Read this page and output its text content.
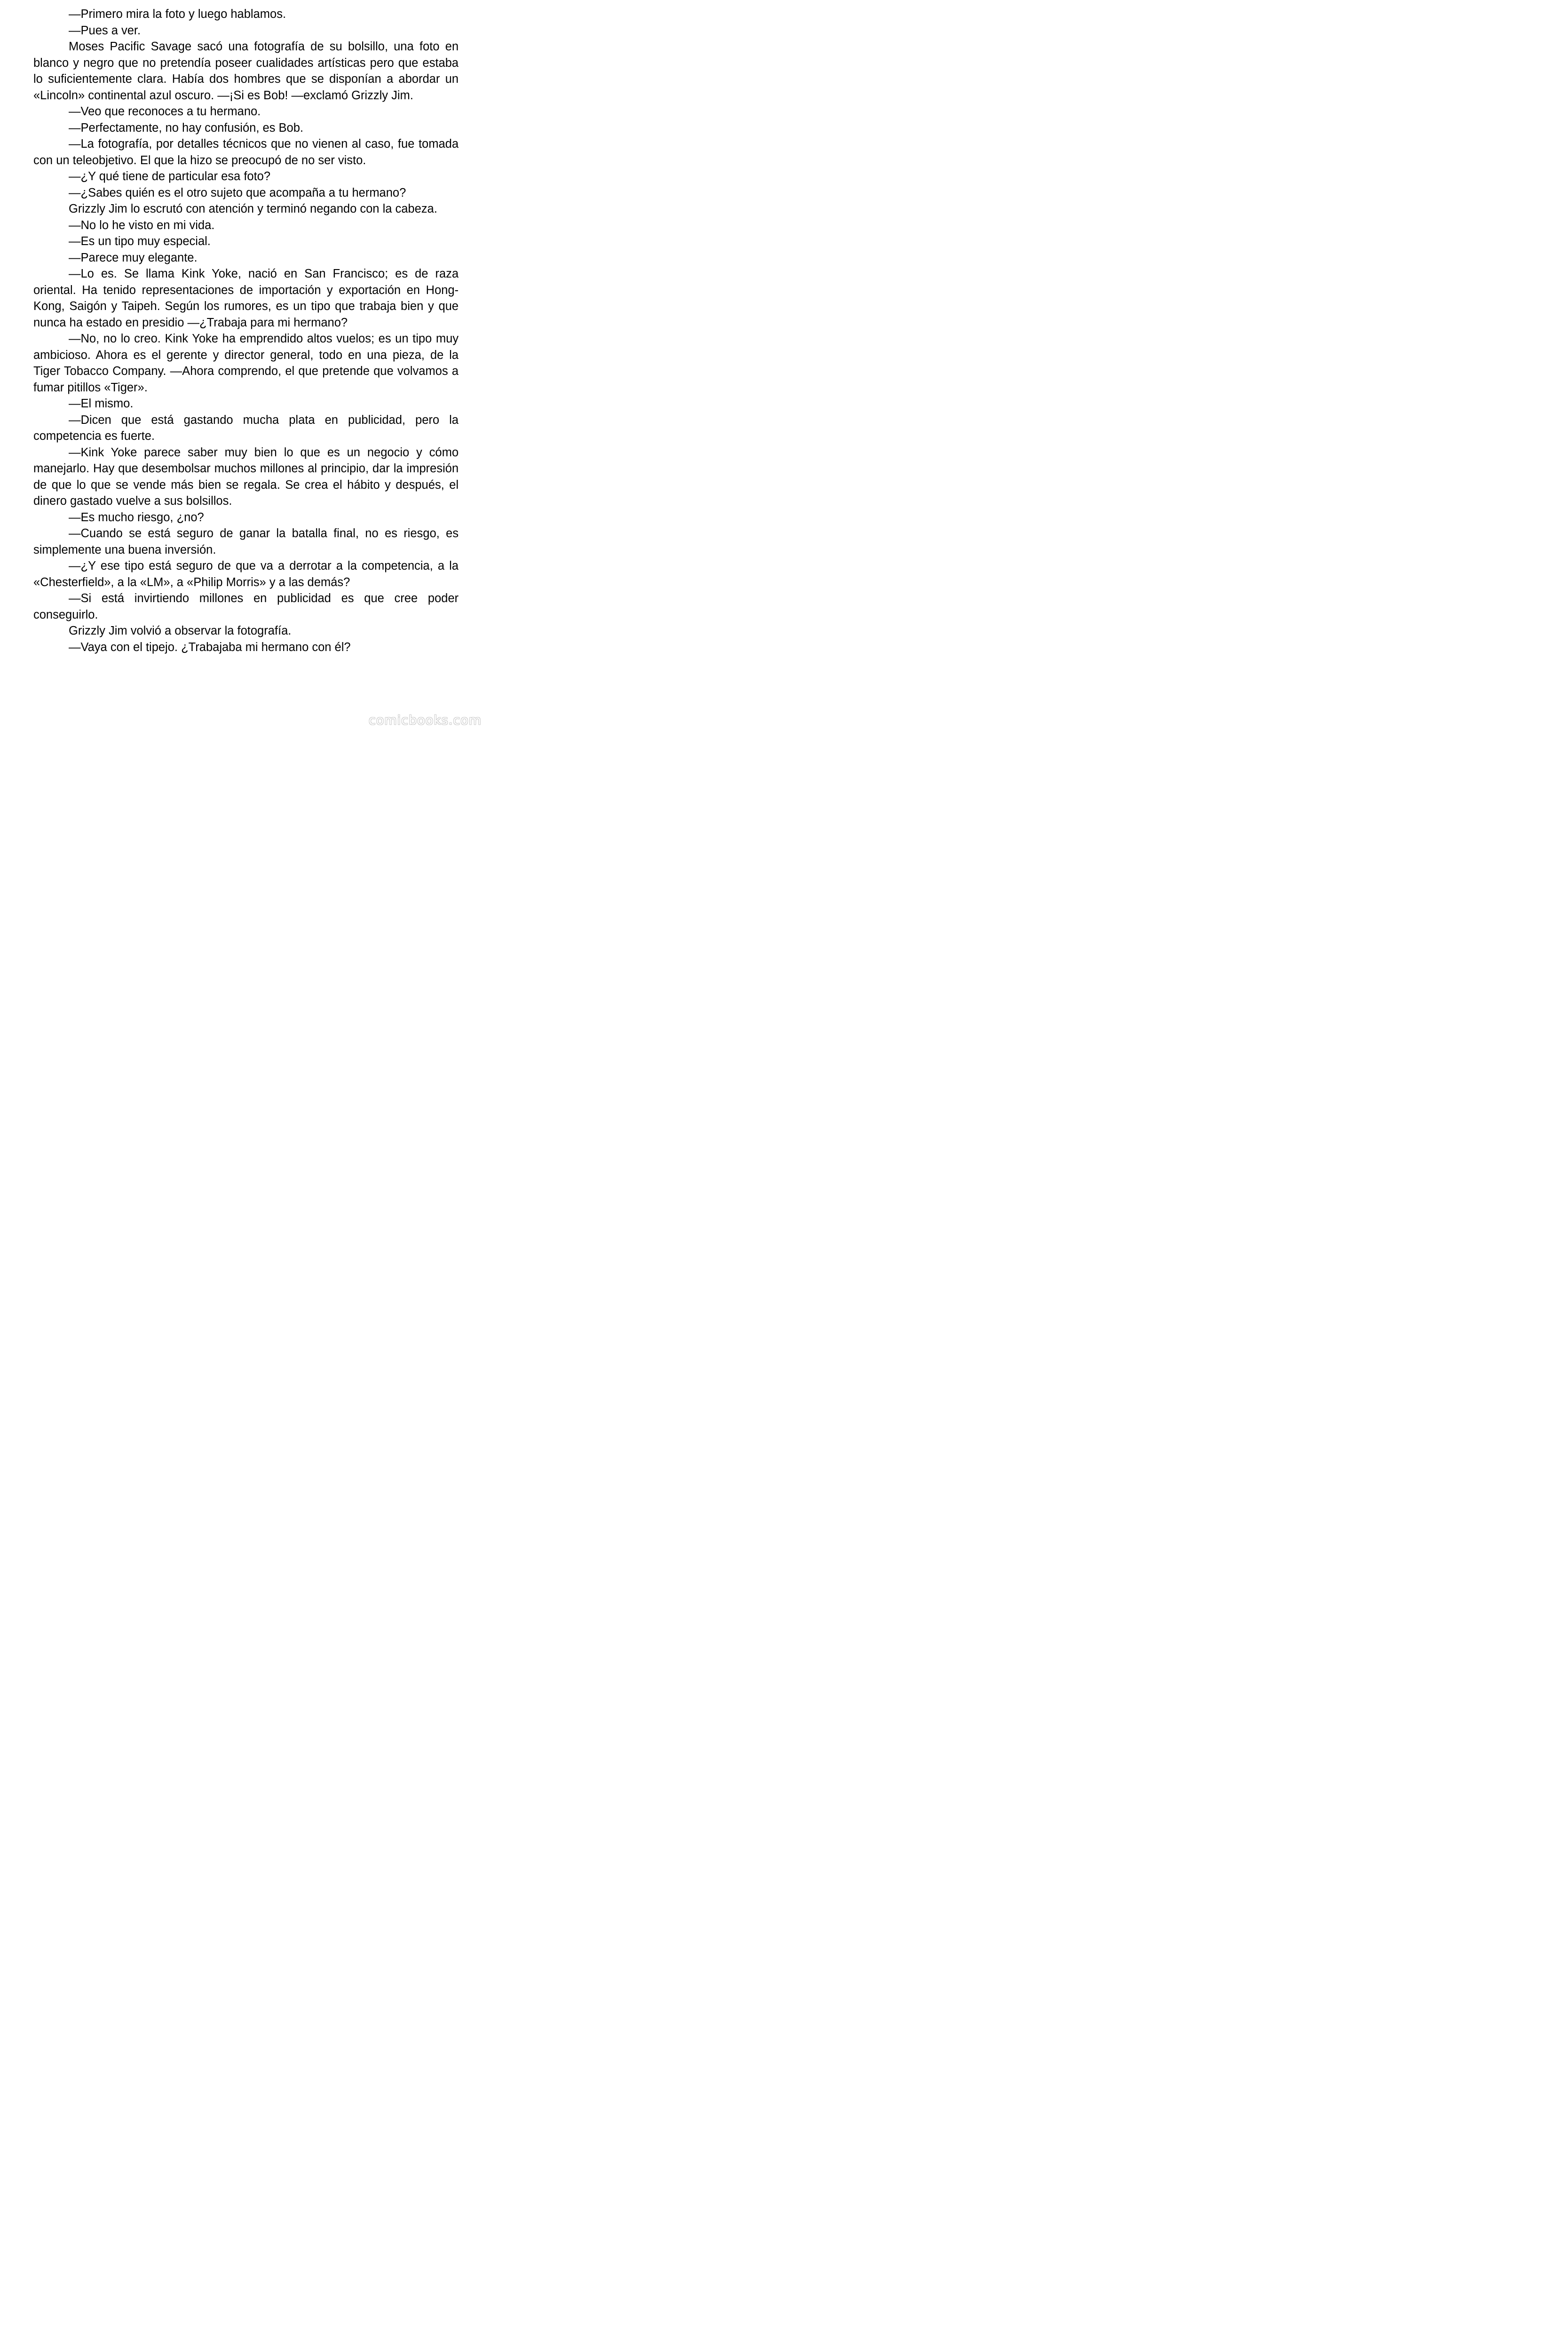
—Primero mira la foto y luego hablamos.

—Pues a ver.

Moses Pacific Savage sacó una fotografía de su bolsillo, una foto en blanco y negro que no pretendía poseer cualidades artísticas pero que estaba lo suficientemente clara. Había dos hombres que se disponían a abordar un «Lincoln» continental azul oscuro. —¡Si es Bob! —exclamó Grizzly Jim.

—Veo que reconoces a tu hermano.

—Perfectamente, no hay confusión, es Bob.

—La fotografía, por detalles técnicos que no vienen al caso, fue tomada con un teleobjetivo. El que la hizo se preocupó de no ser visto.

—¿Y qué tiene de particular esa foto?

—¿Sabes quién es el otro sujeto que acompaña a tu hermano?

Grizzly Jim lo escrutó con atención y terminó negando con la cabeza.

—No lo he visto en mi vida.

—Es un tipo muy especial.

—Parece muy elegante.

—Lo es. Se llama Kink Yoke, nació en San Francisco; es de raza oriental. Ha tenido representaciones de importación y exportación en Hong-Kong, Saigón y Taipeh. Según los rumores, es un tipo que trabaja bien y que nunca ha estado en presidio —¿Trabaja para mi hermano?

—No, no lo creo. Kink Yoke ha emprendido altos vuelos; es un tipo muy ambicioso. Ahora es el gerente y director general, todo en una pieza, de la Tiger Tobacco Company. —Ahora comprendo, el que pretende que volvamos a fumar pitillos «Tiger».

—El mismo.

—Dicen que está gastando mucha plata en publicidad, pero la competencia es fuerte.

—Kink Yoke parece saber muy bien lo que es un negocio y cómo manejarlo. Hay que desembolsar muchos millones al principio, dar la impresión de que lo que se vende más bien se regala. Se crea el hábito y después, el dinero gastado vuelve a sus bolsillos.

—Es mucho riesgo, ¿no?

—Cuando se está seguro de ganar la batalla final, no es riesgo, es simplemente una buena inversión.

—¿Y ese tipo está seguro de que va a derrotar a la competencia, a la «Chesterfield», a la «LM», a «Philip Morris» y a las demás?

—Si está invirtiendo millones en publicidad es que cree poder conseguirlo.

Grizzly Jim volvió a observar la fotografía.

—Vaya con el tipejo. ¿Trabajaba mi hermano con él?

comicbooks.com
